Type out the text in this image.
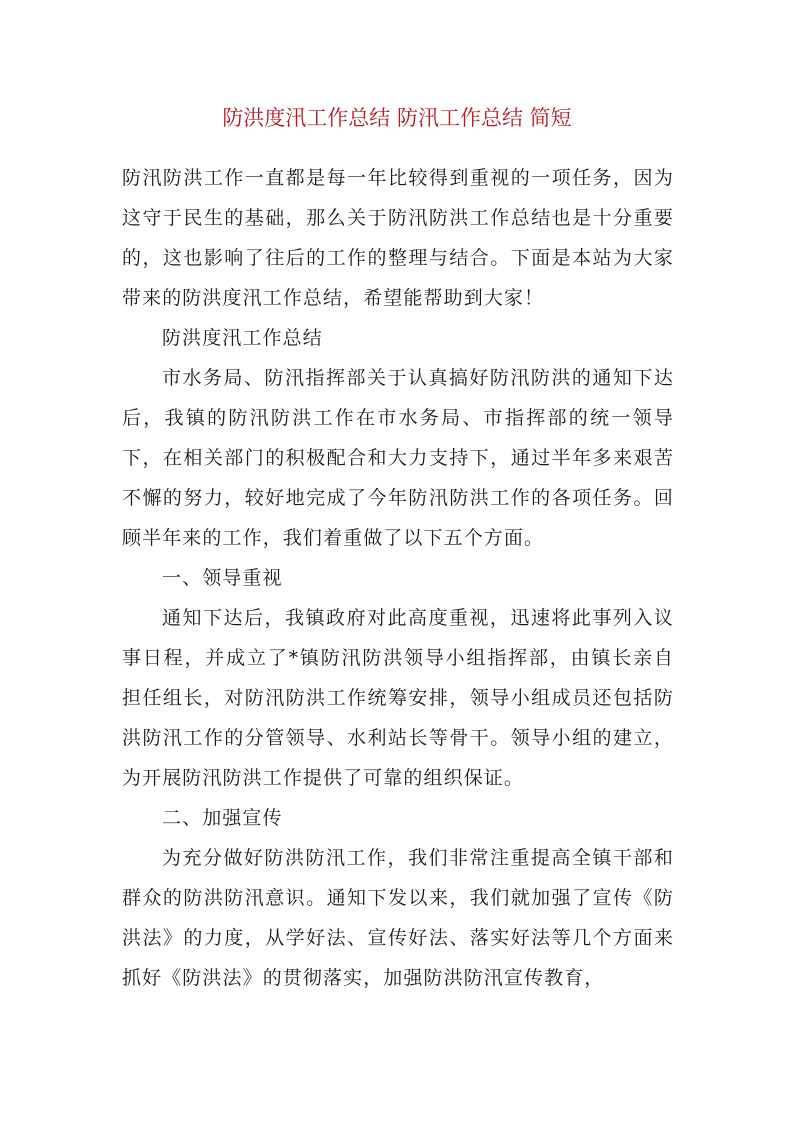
防洪度汛工作总结 防汛工作总结 简短

防汛防洪工作一直都是每一年比较得到重视的一项任务，因为这守于民生的基础，那么关于防汛防洪工作总结也是十分重要的，这也影响了往后的工作的整理与结合。下面是本站为大家带来的防洪度汛工作总结，希望能帮助到大家！

防洪度汛工作总结

市水务局、防汛指挥部关于认真搞好防汛防洪的通知下达后，我镇的防汛防洪工作在市水务局、市指挥部的统一领导下，在相关部门的积极配合和大力支持下，通过半年多来艰苦不懈的努力，较好地完成了今年防汛防洪工作的各项任务。回顾半年来的工作，我们着重做了以下五个方面。

一、领导重视

通知下达后，我镇政府对此高度重视，迅速将此事列入议事日程，并成立了*镇防汛防洪领导小组指挥部，由镇长亲自担任组长，对防汛防洪工作统筹安排，领导小组成员还包括防洪防汛工作的分管领导、水利站长等骨干。领导小组的建立，为开展防汛防洪工作提供了可靠的组织保证。

二、加强宣传

为充分做好防洪防汛工作，我们非常注重提高全镇干部和群众的防洪防汛意识。通知下发以来，我们就加强了宣传《防洪法》的力度，从学好法、宣传好法、落实好法等几个方面来抓好《防洪法》的贯彻落实，加强防洪防汛宣传教育，
